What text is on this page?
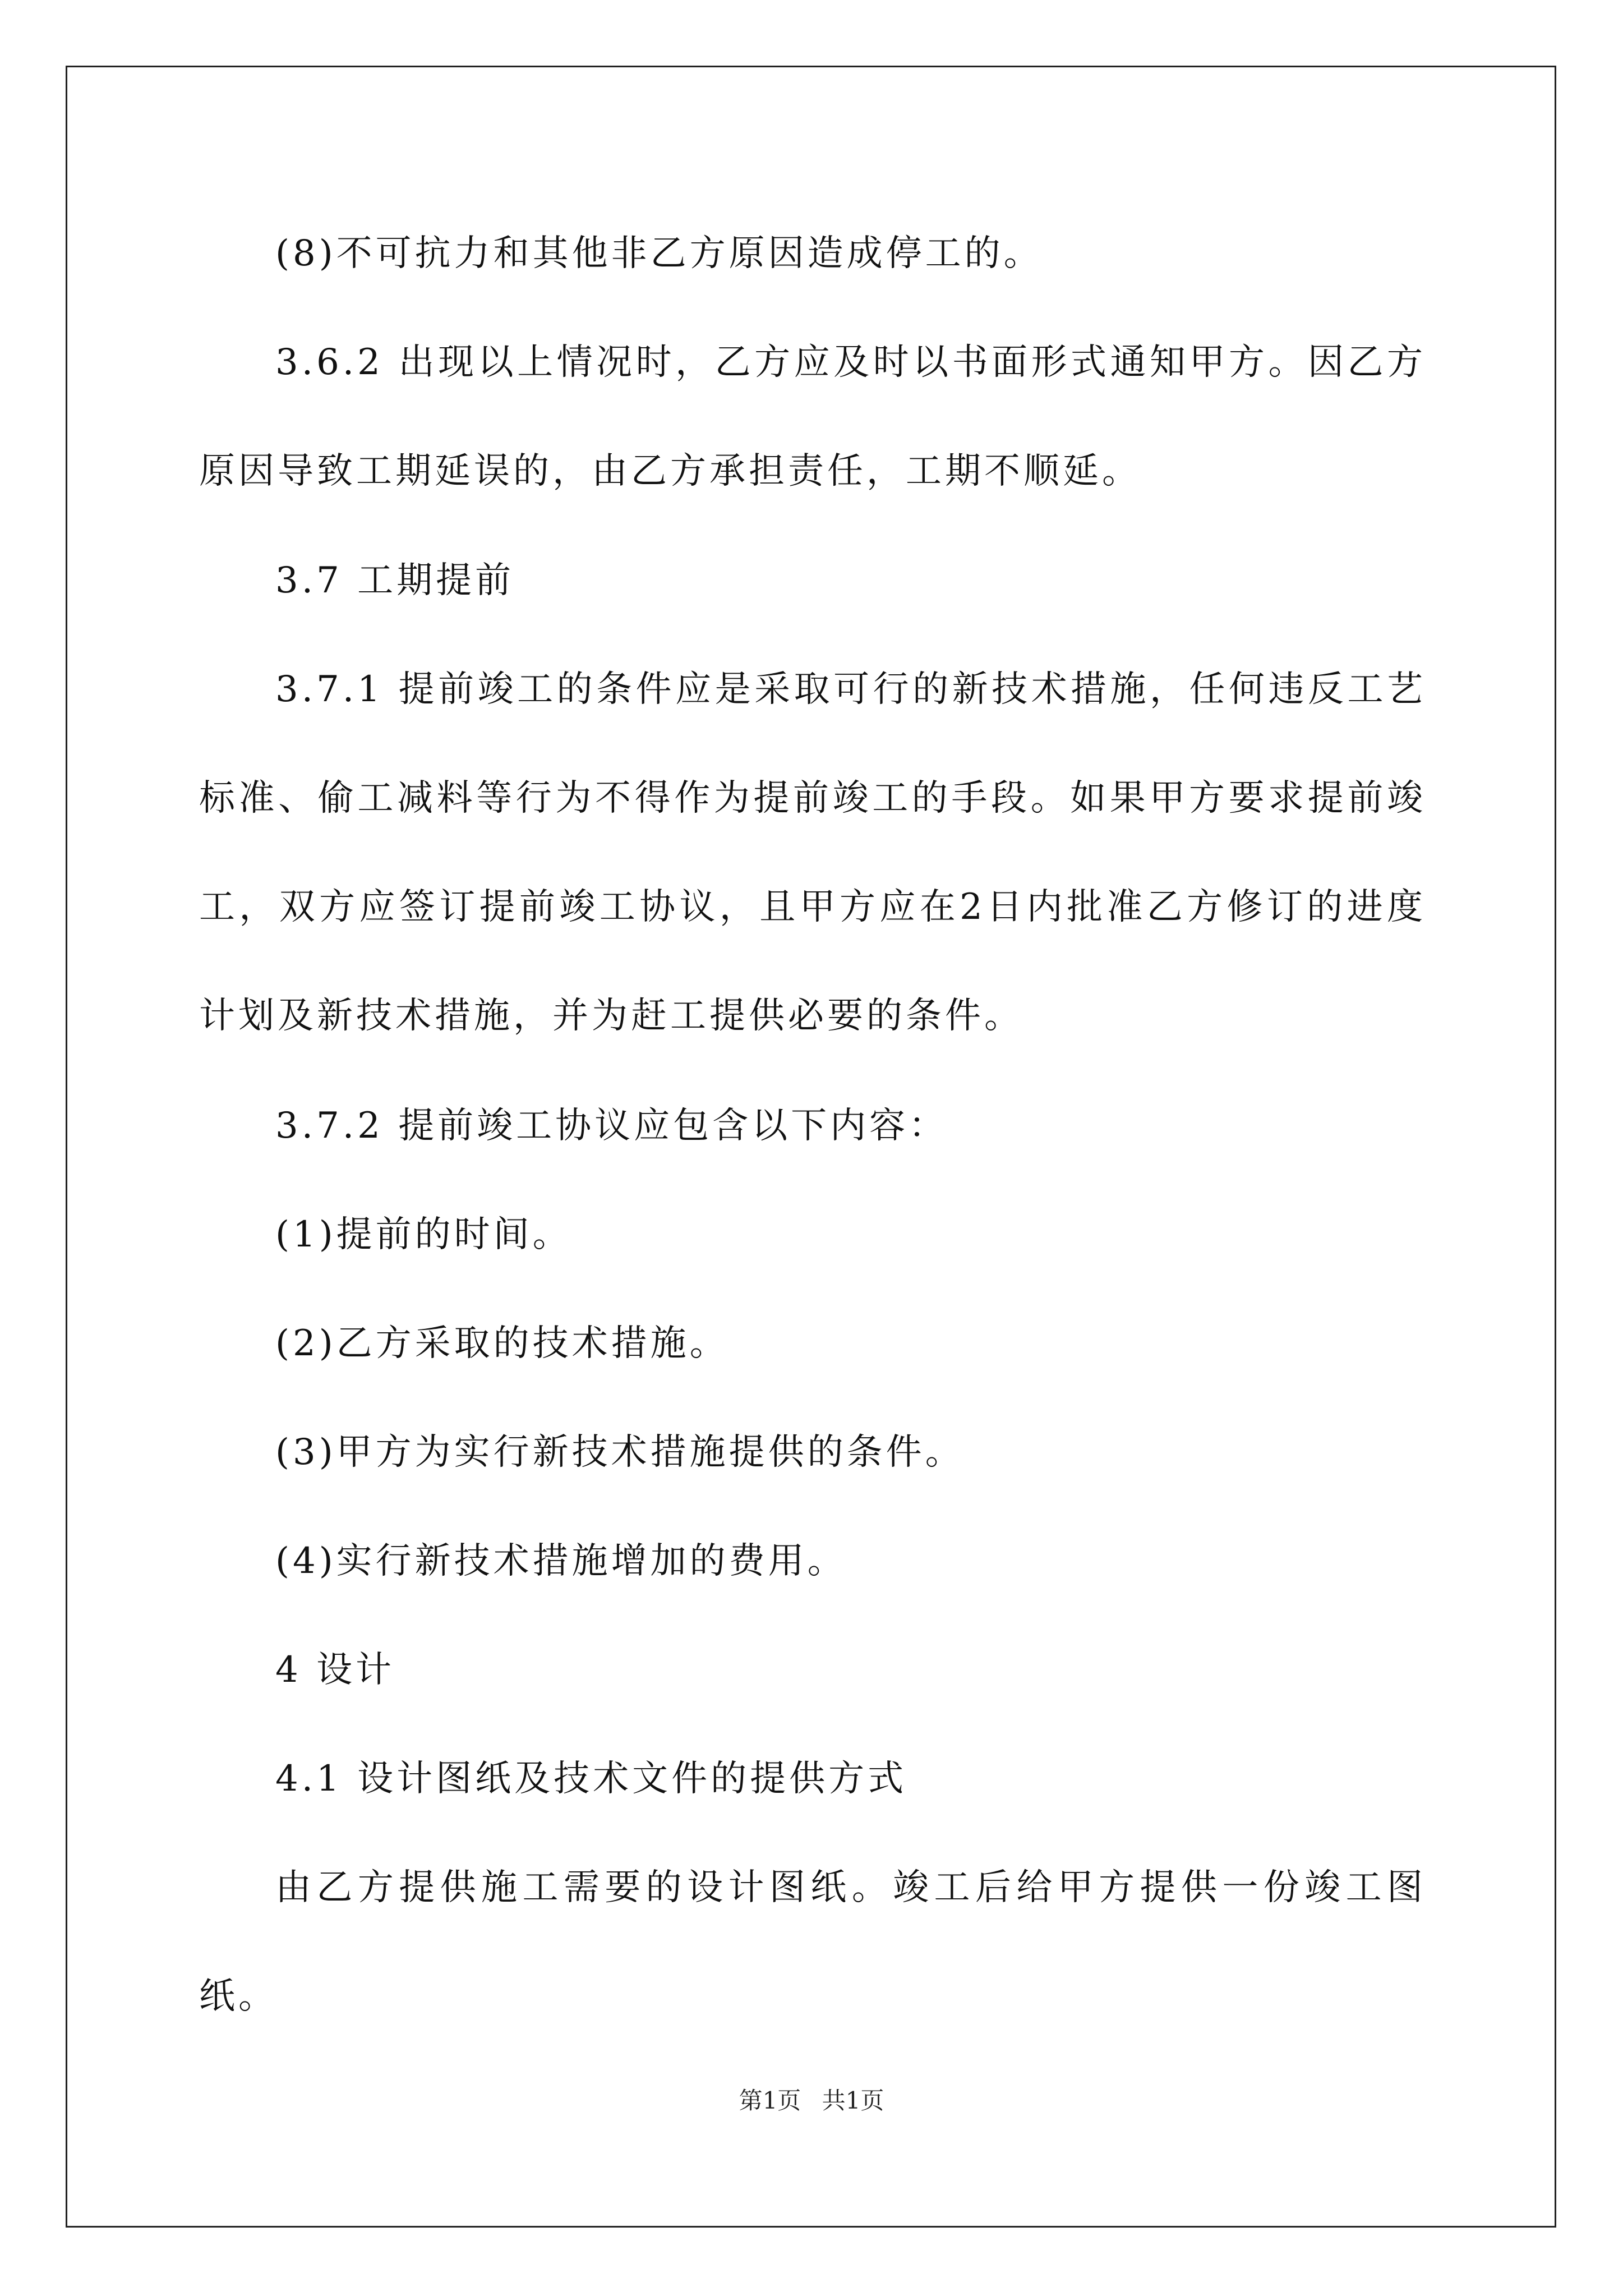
(8)不可抗力和其他非乙方原因造成停工的。
3.6.2 出现以上情况时，乙方应及时以书面形式通知甲方。因乙方原因导致工期延误的，由乙方承担责任，工期不顺延。
3.7 工期提前
3.7.1 提前竣工的条件应是采取可行的新技术措施，任何违反工艺标准、偷工减料等行为不得作为提前竣工的手段。如果甲方要求提前竣工，双方应签订提前竣工协议，且甲方应在2日内批准乙方修订的进度计划及新技术措施，并为赶工提供必要的条件。
3.7.2 提前竣工协议应包含以下内容：
(1)提前的时间。
(2)乙方采取的技术措施。
(3)甲方为实行新技术措施提供的条件。
(4)实行新技术措施增加的费用。
4 设计
4.1 设计图纸及技术文件的提供方式
由乙方提供施工需要的设计图纸。竣工后给甲方提供一份竣工图纸。
第1页 共1页
